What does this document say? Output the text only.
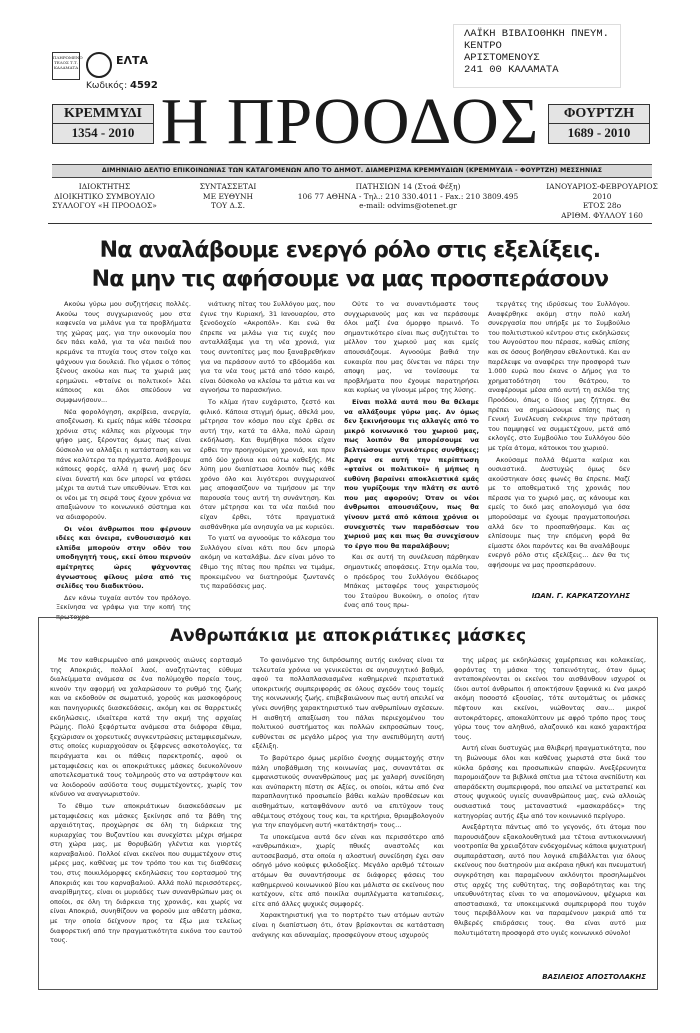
ΠΛΗΡΩΜΕΝΟ ΤΕΛΟΣ Τ.Τ. ΚΑΛΑΜΑΤΑ
ΕΛΤΑ
Κωδικός: 4592
ΛΑΪΚΗ ΒΙΒΛΙΟΘΗΚΗ ΠΝΕΥΜ.
ΚΕΝΤΡΟ
ΑΡΙΣΤΟΜΕΝΟΥΣ
241 00 ΚΑΛΑΜΑΤΑ
ΚΡΕΜΜΥΔΙ
1354 - 2010 Η ΠΡΟΟΔΟΣ	ΦΟΥΡΤΖΗ
1689 - 2010
ΔΙΜΗΝΙΑΙΟ ΔΕΛΤΙΟ ΕΠΙΚΟΙΝΩΝΙΑΣ ΤΩΝ ΚΑΤΑΓΟΜΕΝΩΝ ΑΠΟ ΤΟ ΔΗΜΟΤ. ΔΙΑΜΕΡΙΣΜΑ ΚΡΕΜΜΥΔΙΩΝ (ΚΡΕΜΜΥΔΙΑ - ΦΟΥΡΤΖΗ) ΜΕΣΣΗΝΙΑΣ
ΙΔΙΟΚΤΗΤΗΣ
ΔΙΟΙΚΗΤΙΚΟ ΣΥΜΒΟΥΛΙΟ
ΣΥΛΛΟΓΟΥ «Η ΠΡΟΟΔΟΣ»
ΣΥΝΤΑΣΣΕΤΑΙ
ΜΕ ΕΥΘΥΝΗ
ΤΟΥ Δ.Σ.
ΠΑΤΗΣΙΩΝ 14 (Στοά Φέξη)
106 77 ΑΘΗΝΑ - Τηλ.: 210 330.4011 - Fax.: 210 3809.495
e-mail: odvims@otenet.gr
ΙΑΝΟΥΑΡΙΟΣ-ΦΕΒΡΟΥΑΡΙΟΣ 2010
ΕΤΟΣ 28ο
ΑΡΙΘΜ. ΦΥΛΛΟΥ 160
Να αναλάβουμε ενεργό ρόλο στις εξελίξεις.
Να μην τις αφήσουμε να μας προσπεράσουν

Ακούω γύρω μου συζητήσεις πολλές. Ακούω τους συγχωριανούς μου στα καφενεία να μιλάνε για τα προβλήματα της χώρας μας, για την οικονομία που δεν πάει καλά, για τα νέα παιδιά που κρεμάνε τα πτυχία τους στον τοίχο και ψάχνουν για δουλειά. Πιο γέμισε ο τόπος ξένους ακούω και πως τα χωριά μας ερημώνει. «Φταίνε οι πολιτικοί» λέει κάποιος και όλοι σπεύδουν να συμφωνήσουν...

Νέα φορολόγηση, ακρίβεια, ανεργία, αποξένωση. Κι εμείς πάμε κάθε τέσσερα χρόνια στις κάλπες και ρίχνουμε την ψήφο μας, ξέροντας όμως πως είναι δύσκολο να αλλάξει η κατάσταση και να πάνε καλύτερα τα πράγματα. Ανάβρουμε κάποιες φορές, αλλά η φωνή μας δεν είναι δυνατή και δεν μπορεί να φτάσει μέχρι τα αυτιά των υπευθύνων. Έτσι και οι νέοι με τη σειρά τους έχουν χρόνια να απαξιώνουν το κοινωνικό σύστημα και να αδιαφορούν.

Οι νέοι άνθρωποι που φέρνουν ιδέες και όνειρα, ενθουσιασμό και ελπίδα μπορούν στην οδόν του υποδηγητή τους, εκεί όπου περνούν αμέτρητες ώρες ψάχνοντας άγνωστους φίλους μέσα από τις σελίδες του διαδικτύου.

Δεν κάνω τυχαία αυτόν τον πρόλογο. Ξεκίνησα να γράφω για την κοπή της πρωτοχρο-

νιάτικης πίτας του Συλλόγου μας, που έγινε την Κυριακή, 31 Ιανουαρίου, στο ξενοδοχείο «Ακροπόλ». Και ενώ θα έπρεπε να μιλάω για τις ευχές που ανταλλάξαμε για τη νέα χρονιά, για τους συντοπίτες μας που ξαναβρεθήκαν για να περάσουν αυτό το εβδομάδα και για τα νέα τους μετά από τόσο καιρό, είναι δύσκολο να κλείσω τα μάτια και να αγνοήσω το παρασκήνιο.

Το κλίμα ήταν ευχάριστο, ζεστό και φιλικό. Κάποια στιγμή όμως, άθελά μου, μέτρησα τον κόσμο που είχε έρθει σε αυτή την, κατά τα άλλα, πολύ ώραιη εκδήλωση. Και θυμήθηκα πόσοι είχαν έρθει την προηγούμενη χρονιά, και πριν από δύο χρόνια και ούτω καθεξής. Με λύπη μου διαπίστωσα λοιπόν πως κάθε χρόνο όλο και λιγότεροι συγχωριανοί μας αποφασίζουν να τιμήσουν με την παρουσία τους αυτή τη συνάντηση. Και όταν μέτρησα και τα νέα παιδιά που είχαν έρθει, τότε πραγματικά αισθάνθηκα μία ανησυχία να με κυριεύει.

Το γιατί να αγνοούμε το κάλεσμα του Συλλόγου είναι κάτι που δεν μπορώ ακόμη να καταλάβω. Δεν είναι μόνο το έθιμο της πίτας που πρέπει να τιμάμε, προκειμένου να διατηρούμε ζωντανές τις παραδόσεις μας.

Ούτε το να συναντιόμαστε τους συγχωριανούς μας και να περάσουμε όλοι μαζί ένα όμορφο πρωινό. Το σημαντικότερο είναι πως συζητιέται το μέλλον του χωριού μας και εμείς απουσιάζουμε. Αγνοούμε βαθιά την ευκαιρία που μας δίνεται να πάρει την αποψη μας, να τονίσουμε τα προβλήματα που έχουμε παρατηρήσει και κυρίως να γίνουμε μέρος της λύσης.

Είναι πολλά αυτά που θα θέλαμε να αλλάξουμε γύρω μας. Αν όμως δεν ξεκινήσουμε τις αλλαγές από το μικρό κοινωνικό του χωριού μας, πως λοιπόν θα μπορέσουμε να βελτιώσουμε γενικότερες συνθήκες; Άραγε σε αυτή την περίπτωση «φταίνε οι πολιτικοί» ή μήπως η ευθύνη βαραίνει αποκλειστικά εμάς που γυρίζουμε την πλάτη σε αυτό που μας αφορούν; Όταν οι νέοι άνθρωποι απουσιάζουν, πως θα γίνουν μετά από κάποια χρόνια οι συνεχιστές των παραδόσεων του χωριού μας και πως θα συνεχίσουν το έργο που θα παραλάβουν;

Και σε αυτή τη συνέλευση πάρθηκαν σημαντικές αποφάσεις. Στην ομιλία του, ο πρόεδρος του Συλλόγου Θεόδωρος Μπάκας μεταφέρε τους χαιρετισμούς του Σταύρου Βυκούκη, ο οποίος ήταν ένας από τους πρω-

τεργάτες της ιδρύσεως του Συλλόγου. Αναφέρθηκε ακόμη στην πολύ καλή συνεργασία που υπήρξε με το Συμβούλιο του πολιτιστικού κέντρου στις εκδηλώσεις του Αυγούστου που πέρασε, καθώς επίσης και σε όσους βοήθησαν εθελοντικά. Και αν παρέλειψε να αναφέρει την προσφορά των 1.000 ευρώ που έκανε ο Δήμος για το χρηματοδότηση του θεάτρου, το αναφέρουμε μέσα από αυτή τη σελίδα της Προόδου, όπως ο ίδιος μας ζήτησε. Θα πρέπει να σημειώσουμε επίσης πως η Γενική Συνέλευση ενέκρινε την πρόταση του παμψηφεί να συμμετέχουν, μετά από εκλογές, στο Συμβούλιο του Συλλόγου δύο με τρία άτομα, κάτοικοι του χωριού.

Ακούσαμε πολλά θέματα καίρια και ουσιαστικά. Δυστυχώς όμως δεν ακούστηκαν όσες φωνές θα έπρεπε. Μαζί με το αποθεματικό της χρονιάς που πέρασε για το χωριό μας, ας κάνουμε και εμείς το δικό μας απολογισμό για όσα μπορούσαμε να έχουμε πραγματοποιήσει αλλά δεν το προσπαθήσαμε. Και ας ελπίσουμε πως την επόμενη φορά θα είμαστε όλοι παρόντες και θα αναλάβουμε ενεργό ρόλο στις εξελίξεις... Δεν θα τις αφήσουμε να μας προσπεράσουν.

ΙΩΑΝ. Γ. ΚΑΡΚΑΤΖΟΥΛΗΣ
Ανθρωπάκια με αποκριάτικες μάσκες

Με τον καθιερωμένο από μακρινούς αιώνες εορτασμό της Αποκριάς, πολλοί λαοί, αναζητώντας εύθυμα διαλείμματα ανάμεσα σε ένα πολύμοχθο πορεία τους, κινούν την αφορμή να χαλαρώσουν το ρυθμό της ζωής και να εκδοθούν σε σωματικό, χορούς και μασκοφόρους και πανηγυρικές διασκεδάσεις, ακόμη και σε θαρρετικές εκδηλώσεις, ιδιαίτερα κατά την ακμή της αρχαίας Ρώμης. Πολύ ξεφόρτωτα ανάμεσα στα διάφορα έθιμα, ξεχώρισαν οι χορευτικές συγκεντρώσεις μεταμφιεσμένων, στις οποίες κυριαρχούσαν οι ξέφρενες ασκοτολογίες, τα πειράγματα και οι πάθεις παρεκτροπές, αφού οι μεταμφιέσεις και οι αποκριάτικες μάσκες διευκολύνουν αποτελεσματικά τους τολμηρούς στο να αστράφτουν και να λοιδορούν ασύδοτα τους συμμετέχοντες, χωρίς τον κίνδυνο να αναγνωριστούν.

Το έθιμο των αποκριάτικων διασκεδάσεων με μεταμφιέσεις και μάσκες ξεκίνησε από τα βάθη της αρχαιότητας, προχώρησε σε όλη τη διάρκεια της κυριαρχίας του Βυζαντίου και συνεχίστει μέχρι σήμερα στη χώρα μας, με θορυβώδη γλέντια και γιορτές καρναβαλιού. Πολλοί είναι εκείνοι που συμμετέχουν στις μέρες μας, καθένας με τον τρόπο του και τις διαθέσεις του, στις ποικιλόμορφες εκδηλώσεις του εορτασμού της Αποκριάς και του καρναβαλιού. Αλλά πολύ περισσότερες, αναρίθμητες, είναι οι μυριάδες των συνανθρώπων μας οι οποίοι, σε όλη τη διάρκεια της χρονιάς, και χωρίς να είναι Αποκριά, συνηθίζουν να φορούν μια αθέατη μάσκα, με την οποία δείχνουν προς τα έξω μια τελείως διαφορετική από την πραγματικότητα εικόνα του εαυτού τους.

Το φαινόμενο της διπρόσωπης αυτής εικόνας είναι τα τελευταία χρόνια να γενικεύεται σε ανησυχητικό βαθμό, αφού τα πολλαπλασιασμένα καθημερινά περιστατικά υποκριτικής συμπεριφοράς σε όλους σχεδόν τους τομείς της κοινωνικής ζωής, επιβεβαιώνουν πως αυτή απειλεί να γίνει συνήθης χαρακτηριστικό των ανθρωπίνων σχέσεων. Η αισθητή απαξίωση του πάλαι περιεχομένου του πολιτικού συστήματος και πολλών εκπροσώπων τους, ευθύνεται σε μεγάλο μέρος για την ανεπιθύμητη αυτή εξέλιξη.

Το βαρύτερο όμως μερίδιο ένοχης συμμετοχής στην πάλη υποβάθμιση της κοινωνίας μας, συναντάται σε εμφανιστικούς συνανθρώπους μας με χαλαρή συνείδηση και ανύπαρκτη πίστη σε Αξίες, οι οποίοι, κάτω από ένα παραπλανητικό προσωπείο βάθει καλών προθέσεων και αισθημάτων, καταφθάνουν αυτό να επιτύχουν τους αθέμιτους στόχους τους και, τα κριτήρια, θριαμβολογούν για την επαγόμενη αυτή «κατάκτησή» τους...

Τα υποκείμενα αυτά δεν είναι και περισσότερο από «ανθρωπάκια», χωρίς πθικές αναστολές και αυτοσεβασμό, στα οποία η αλοστική συνείδηση έχει σαν οδηγό μόνο κούφιες φιλοδοξίες. Μεγάλο αριθμό τέτοιων ατόμων θα συναντήσουμε σε διάφορες φάσεις του καθημερινού κοινωνικού βίου και μάλιστα σε εκείνους που κατέχουν, είτε από ποικίλα συμπλέγματα καταπιέσεις, είτε από άλλες ψυχικές συμφορές.

Χαρακτηριστική για το πορτρέτο των ατόμων αυτών είναι η διαπίστωση ότι, όταν βρίσκονται σε κατάσταση ανάγκης και αδυναμίας, προσφεύγουν στους ισχυρούς

της μέρας με εκδηλώσεις χαμέρπειας και κολακείας, φοράντας τη μάσκα της ταπεινότητας, όταν όμως ανταποκρίνονται οι εκείνοι του αισθάνθουν ισχυροί οι ίδιοι αυτοί άνθρωποι ή αποκτήσουν ξαφνικά κι ένα μικρό ακόμη ποσοστό εξουσίας, τότε αυτομάτως οι μάσκες πέφτουν και εκείνοι, νιώθοντας σαν... μικροί αυτοκράτορες, αποκαλύπτουν με αφρό τρόπο προς τους γύρω τους τον αληθινό, αλαζονικό και κακό χαρακτήρα τους.

Αυτή είναι δυστυχώς μια θλιβερή πραγματικότητα, που τη βιώνουμε όλοι και καθένας χωριστά στα δικά του κύκλα δράσης και προσωπικών επαφών. Ανεξέρευνητα παρομοιάζουν τα βιβλικά σπίτια μια τέτοια ανεπίδυτη και απαράδεκτη συμπεριφορά, που απειλεί να μετατραπεί και στους ψυχικούς υγιείς συνανθρώπους μας, ενώ αλλοιώς ουσιαστικά τους μεταναστικά «μασκαράδες» της κατηγορίας αυτής έξω από τον κοινωνικό περίγυρο.

Ανεξάρτητα πάντως από το γεγονός, ότι άτομα που παρουσιάζουν εξακολουθητικά μια τέτοια αντικοινωνική νοοτροπία θα χρειαζόταν ενδεχομένως κάποια ψυχιατρική συμπαράσταση, αυτό που λογικά επιβάλλεται για όλους εκείνους που διατηρούν μια ακέραια ηθική και πνευματική συγκρότηση και παραμένουν ακλόνητοι προσηλωμένοι στις αρχές της ευθύτητας, της σοβαρότητας και της υπευθυνότητας είναι το να απομονώνουν, ψέχωρια και αποστασιακά, τα υποκειμενικά συμπεριφορά που τυχόν τους περιβάλλουν και να παραμένουν μακριά από τα θλιβερές επιδράσεις τους. Θα είναι αυτό μια πολυτιμότατη προσφορά στο υγιές κοινωνικό σύνολο!

ΒΑΣΙΛΕΙΟΣ ΑΠΟΣΤΟΛΑΚΗΣ
